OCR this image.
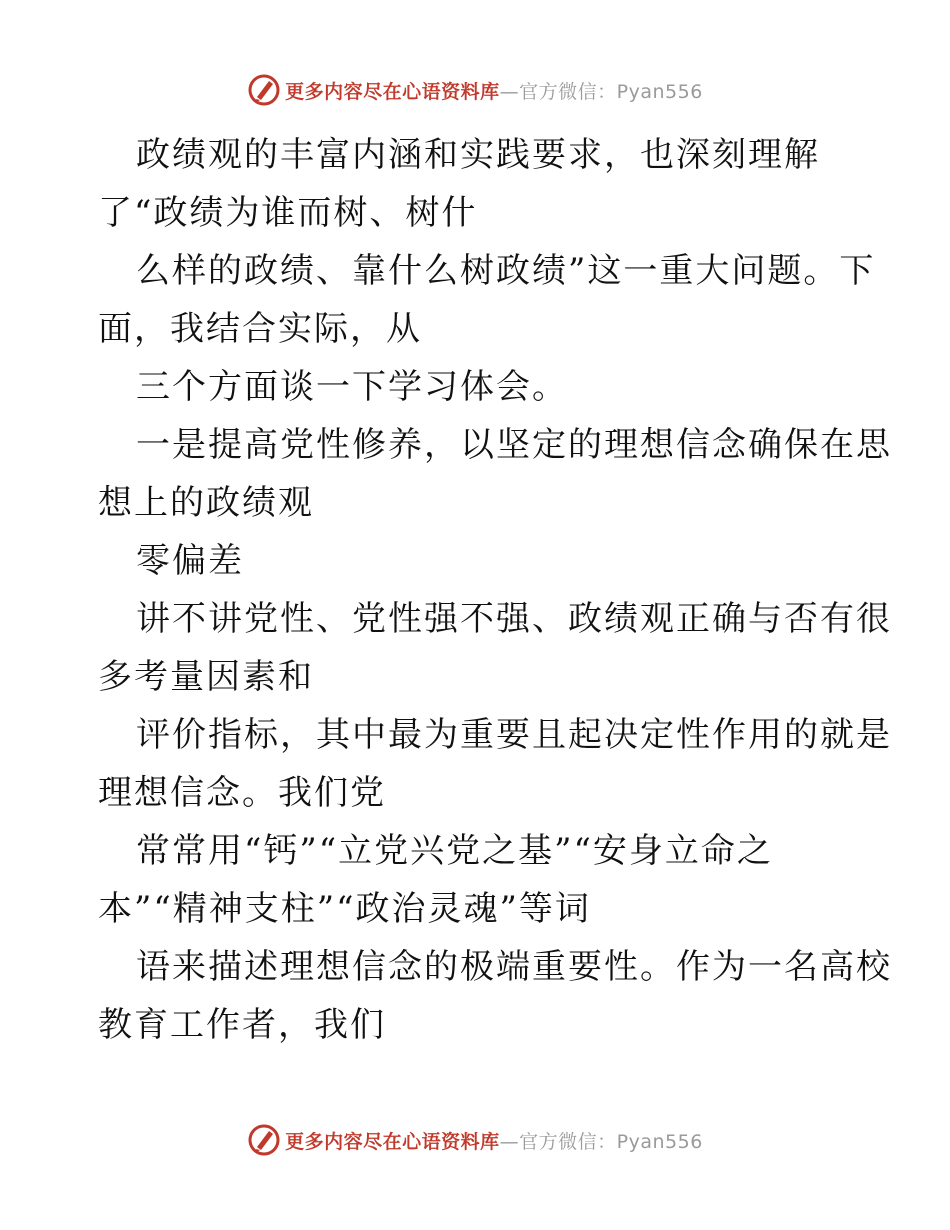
更多内容尽在心语资料库—官方微信：Pyan556
政绩观的丰富内涵和实践要求，也深刻理解
了“政绩为谁而树、树什
么样的政绩、靠什么树政绩”这一重大问题。下
面，我结合实际，从
三个方面谈一下学习体会。
一是提高党性修养，以坚定的理想信念确保在思
想上的政绩观
零偏差
讲不讲党性、党性强不强、政绩观正确与否有很
多考量因素和
评价指标，其中最为重要且起决定性作用的就是
理想信念。我们党
常常用“钙”“立党兴党之基”“安身立命之
本”“精神支柱”“政治灵魂”等词
语来描述理想信念的极端重要性。作为一名高校
教育工作者，我们
更多内容尽在心语资料库—官方微信：Pyan556
